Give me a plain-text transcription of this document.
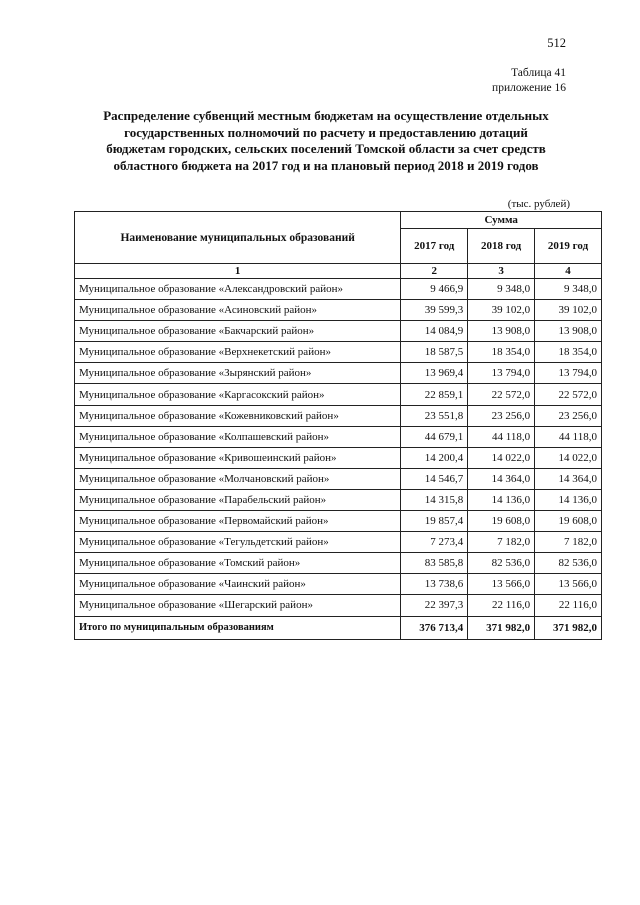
512
Таблица 41
приложение 16
Распределение субвенций местным бюджетам на осуществление отдельных
государственных полномочий по расчету и предоставлению дотаций
бюджетам городских, сельских поселений Томской области за счет средств
областного бюджета на 2017 год и на плановый период 2018 и 2019 годов
(тыс. рублей)
Наименование муниципальных образований	Сумма		
	2017 год	2018 год	2019 год
1	2	3	4
Муниципальное образование «Александровский район»	9 466,9	9 348,0	9 348,0
Муниципальное образование «Асиновский район»	39 599,3	39 102,0	39 102,0
Муниципальное образование «Бакчарский район»	14 084,9	13 908,0	13 908,0
Муниципальное образование «Верхнекетский район»	18 587,5	18 354,0	18 354,0
Муниципальное образование «Зырянский район»	13 969,4	13 794,0	13 794,0
Муниципальное образование «Каргасокский район»	22 859,1	22 572,0	22 572,0
Муниципальное образование «Кожевниковский район»	23 551,8	23 256,0	23 256,0
Муниципальное образование «Колпашевский район»	44 679,1	44 118,0	44 118,0
Муниципальное образование «Кривошеинский район»	14 200,4	14 022,0	14 022,0
Муниципальное образование «Молчановский район»	14 546,7	14 364,0	14 364,0
Муниципальное образование «Парабельский район»	14 315,8	14 136,0	14 136,0
Муниципальное образование «Первомайский район»	19 857,4	19 608,0	19 608,0
Муниципальное образование «Тегульдетский район»	7 273,4	7 182,0	7 182,0
Муниципальное образование «Томский район»	83 585,8	82 536,0	82 536,0
Муниципальное образование «Чаинский район»	13 738,6	13 566,0	13 566,0
Муниципальное образование «Шегарский район»	22 397,3	22 116,0	22 116,0
Итого по муниципальным образованиям	376 713,4	371 982,0	371 982,0
